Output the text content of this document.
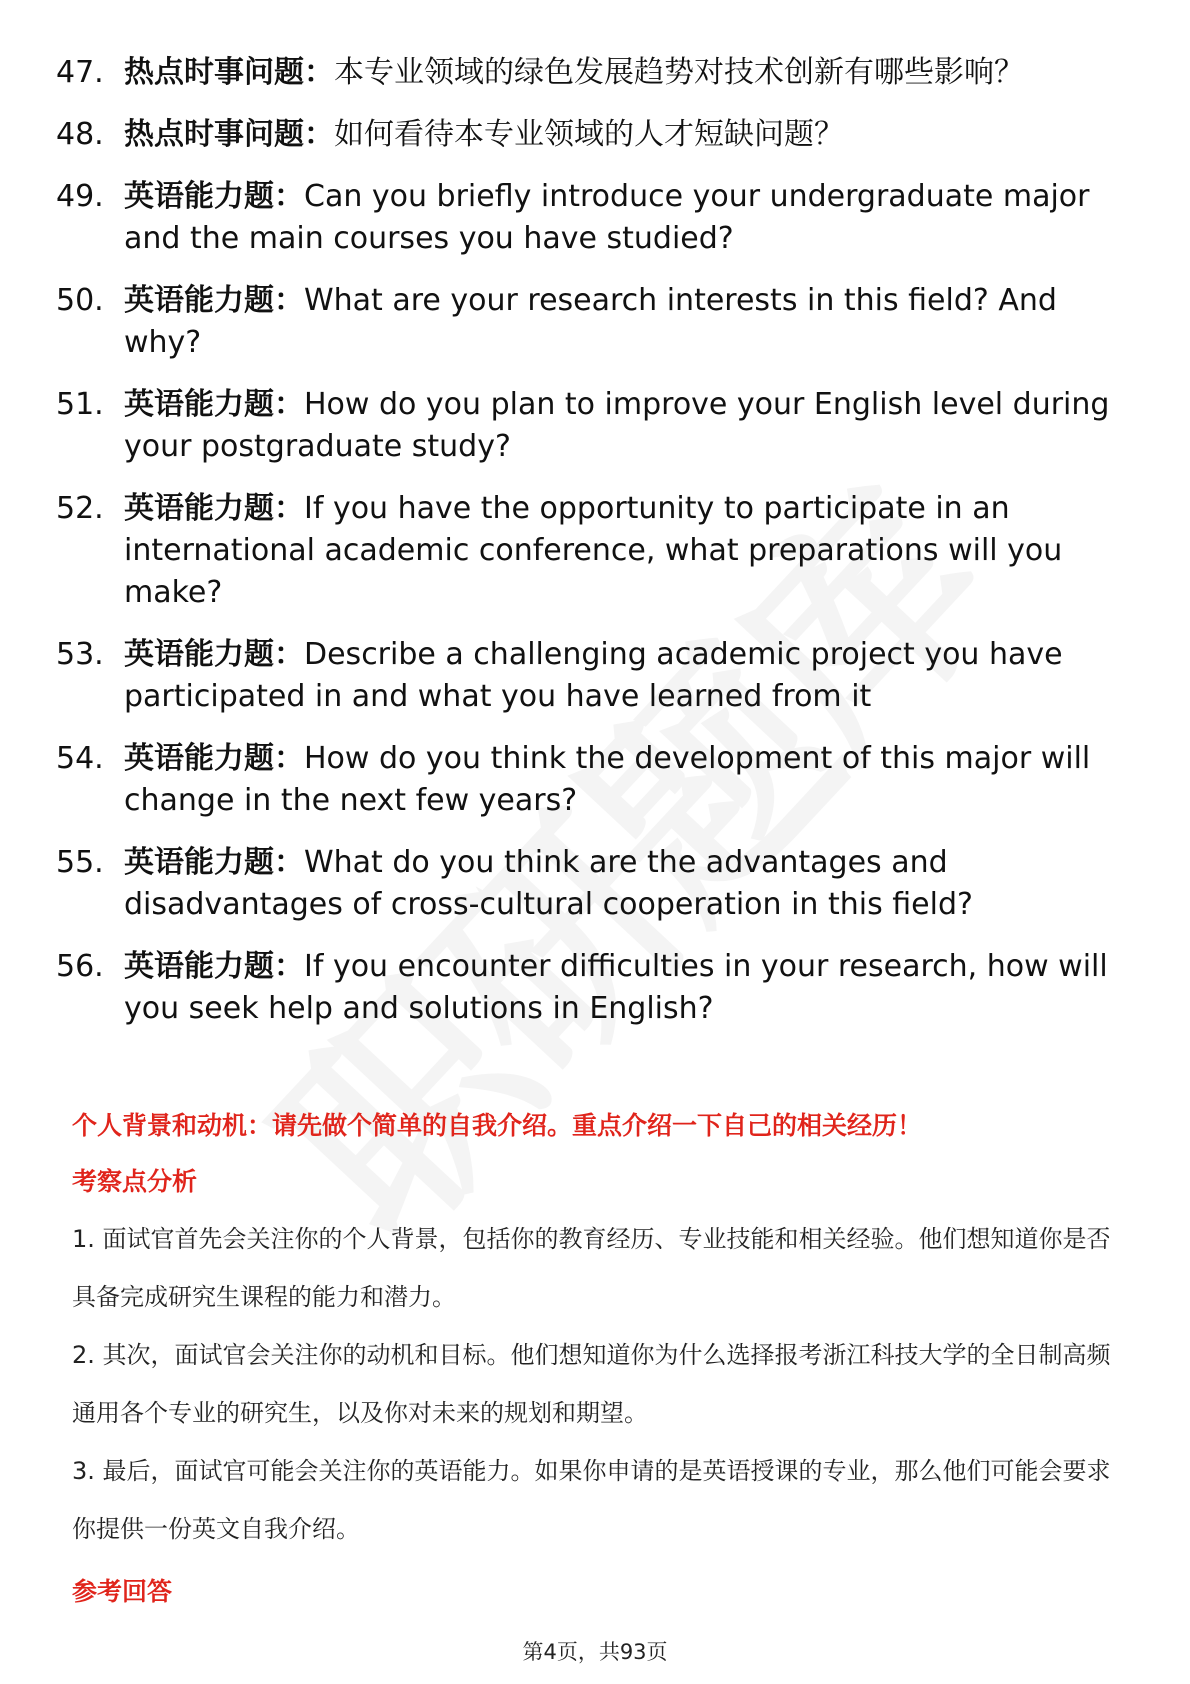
47. 热点时事问题：本专业领域的绿色发展趋势对技术创新有哪些影响？
48. 热点时事问题：如何看待本专业领域的人才短缺问题？
49. 英语能力题：Can you briefly introduce your undergraduate major and the main courses you have studied?
50. 英语能力题：What are your research interests in this field? And why?
51. 英语能力题：How do you plan to improve your English level during your postgraduate study?
52. 英语能力题：If you have the opportunity to participate in an international academic conference, what preparations will you make?
53. 英语能力题：Describe a challenging academic project you have participated in and what you have learned from it
54. 英语能力题：How do you think the development of this major will change in the next few years?
55. 英语能力题：What do you think are the advantages and disadvantages of cross-cultural cooperation in this field?
56. 英语能力题：If you encounter difficulties in your research, how will you seek help and solutions in English?
个人背景和动机：请先做个简单的自我介绍。重点介绍一下自己的相关经历！
考察点分析
1. 面试官首先会关注你的个人背景，包括你的教育经历、专业技能和相关经验。他们想知道你是否具备完成研究生课程的能力和潜力。
2. 其次，面试官会关注你的动机和目标。他们想知道你为什么选择报考浙江科技大学的全日制高频通用各个专业的研究生，以及你对未来的规划和期望。
3. 最后，面试官可能会关注你的英语能力。如果你申请的是英语授课的专业，那么他们可能会要求你提供一份英文自我介绍。
参考回答
第4页，共93页
